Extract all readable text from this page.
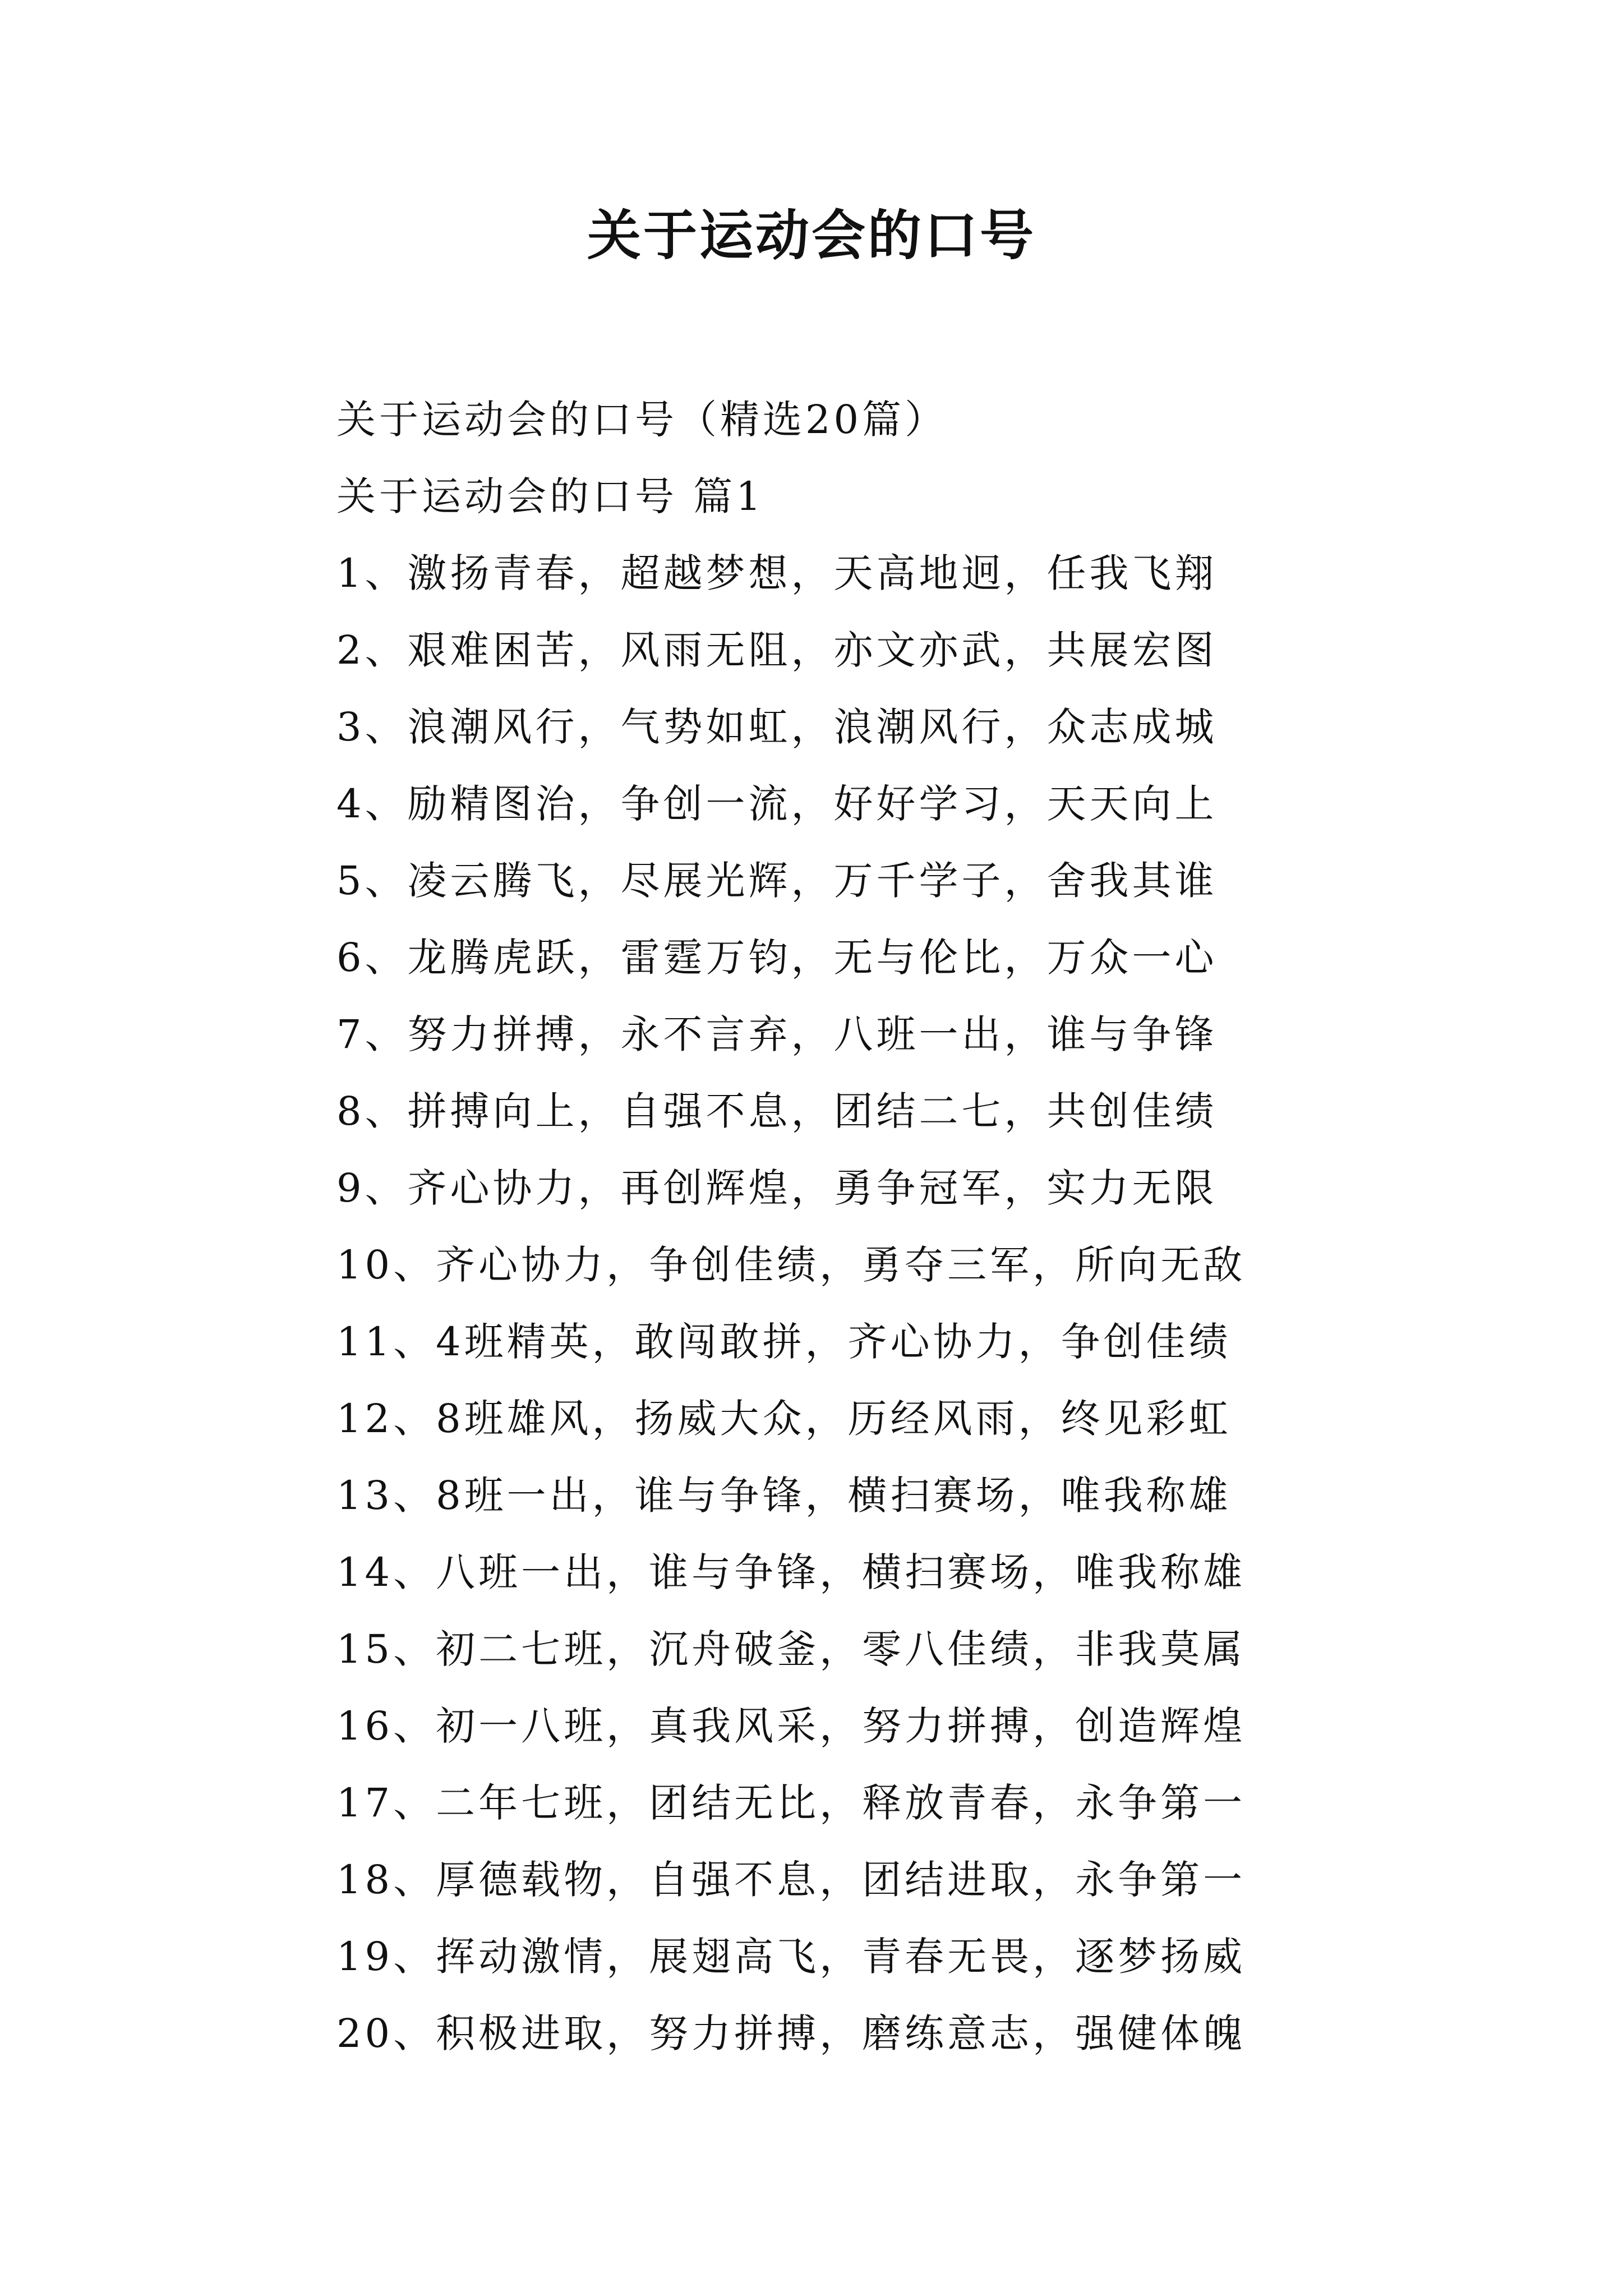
关于运动会的口号
关于运动会的口号（精选20篇）
关于运动会的口号 篇1
1、激扬青春，超越梦想，天高地迥，任我飞翔
2、艰难困苦，风雨无阻，亦文亦武，共展宏图
3、浪潮风行，气势如虹，浪潮风行，众志成城
4、励精图治，争创一流，好好学习，天天向上
5、凌云腾飞，尽展光辉，万千学子，舍我其谁
6、龙腾虎跃，雷霆万钧，无与伦比，万众一心
7、努力拼搏，永不言弃，八班一出，谁与争锋
8、拼搏向上，自强不息，团结二七，共创佳绩
9、齐心协力，再创辉煌，勇争冠军，实力无限
10、齐心协力，争创佳绩，勇夺三军，所向无敌
11、4班精英，敢闯敢拼，齐心协力，争创佳绩
12、8班雄风，扬威大众，历经风雨，终见彩虹
13、8班一出，谁与争锋，横扫赛场，唯我称雄
14、八班一出，谁与争锋，横扫赛场，唯我称雄
15、初二七班，沉舟破釜，零八佳绩，非我莫属
16、初一八班，真我风采，努力拼搏，创造辉煌
17、二年七班，团结无比，释放青春，永争第一
18、厚德载物，自强不息，团结进取，永争第一
19、挥动激情，展翅高飞，青春无畏，逐梦扬威
20、积极进取，努力拼搏，磨练意志，强健体魄
